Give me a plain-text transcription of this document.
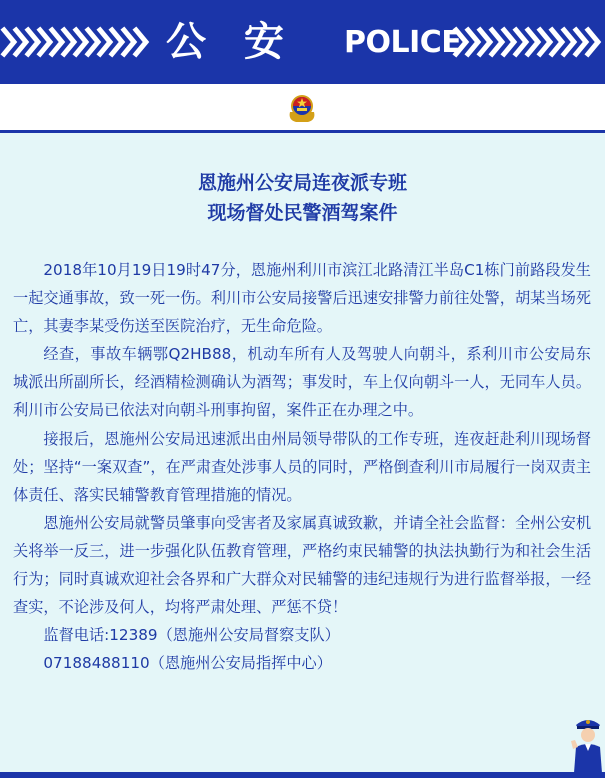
公 安 POLICE
恩施州公安局连夜派专班
现场督处民警酒驾案件

2018年10月19日19时47分，恩施州利川市滨江北路清江半岛C1栋门前路段发生一起交通事故，致一死一伤。利川市公安局接警后迅速安排警力前往处警，胡某当场死亡，其妻李某受伤送至医院治疗，无生命危险。

经查，事故车辆鄂Q2HB88，机动车所有人及驾驶人向朝斗，系利川市公安局东城派出所副所长，经酒精检测确认为酒驾；事发时，车上仅向朝斗一人，无同车人员。利川市公安局已依法对向朝斗刑事拘留，案件正在办理之中。

接报后，恩施州公安局迅速派出由州局领导带队的工作专班，连夜赶赴利川现场督处；坚持“一案双查”，在严肃查处涉事人员的同时，严格倒查利川市局履行一岗双责主体责任、落实民辅警教育管理措施的情况。

恩施州公安局就警员肇事向受害者及家属真诚致歉，并请全社会监督：全州公安机关将举一反三，进一步强化队伍教育管理，严格约束民辅警的执法执勤行为和社会生活行为；同时真诚欢迎社会各界和广大群众对民辅警的违纪违规行为进行监督举报，一经查实，不论涉及何人，均将严肃处理、严惩不贷！

监督电话:12389（恩施州公安局督察支队）

07188488110（恩施州公安局指挥中心）
